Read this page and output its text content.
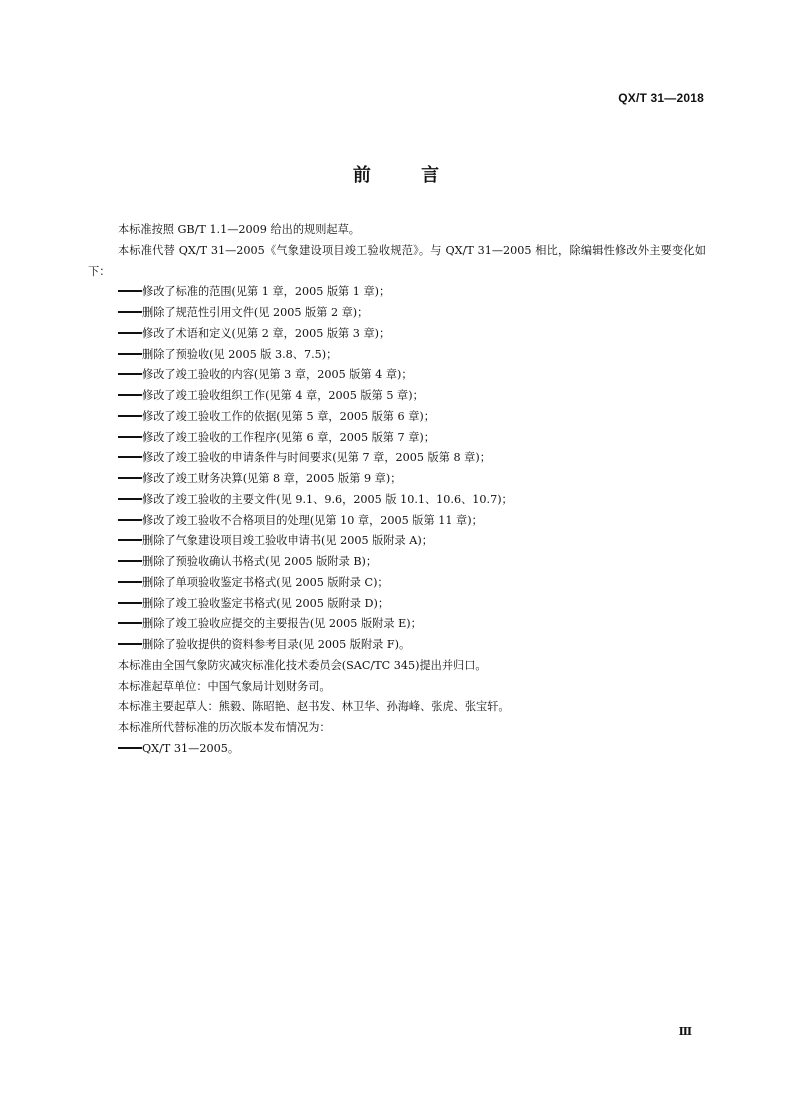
QX/T 31—2018
前	言

本标准按照 GB/T 1.1—2009 给出的规则起草。

本标准代替 QX/T 31—2005《气象建设项目竣工验收规范》。与 QX/T 31—2005 相比，除编辑性修改外主要变化如下：

修改了标准的范围(见第 1 章，2005 版第 1 章)；
删除了规范性引用文件(见 2005 版第 2 章)；
修改了术语和定义(见第 2 章，2005 版第 3 章)；
删除了预验收(见 2005 版 3.8、7.5)；
修改了竣工验收的内容(见第 3 章，2005 版第 4 章)；
修改了竣工验收组织工作(见第 4 章，2005 版第 5 章)；
修改了竣工验收工作的依据(见第 5 章，2005 版第 6 章)；
修改了竣工验收的工作程序(见第 6 章，2005 版第 7 章)；
修改了竣工验收的申请条件与时间要求(见第 7 章，2005 版第 8 章)；
修改了竣工财务决算(见第 8 章，2005 版第 9 章)；
修改了竣工验收的主要文件(见 9.1、9.6，2005 版 10.1、10.6、10.7)；
修改了竣工验收不合格项目的处理(见第 10 章，2005 版第 11 章)；
删除了气象建设项目竣工验收申请书(见 2005 版附录 A)；
删除了预验收确认书格式(见 2005 版附录 B)；
删除了单项验收鉴定书格式(见 2005 版附录 C)；
删除了竣工验收鉴定书格式(见 2005 版附录 D)；
删除了竣工验收应提交的主要报告(见 2005 版附录 E)；
删除了验收提供的资料参考目录(见 2005 版附录 F)。

本标准由全国气象防灾减灾标准化技术委员会(SAC/TC 345)提出并归口。

本标准起草单位：中国气象局计划财务司。

本标准主要起草人：熊毅、陈昭艳、赵书发、林卫华、孙海峰、张虎、张宝轩。

本标准所代替标准的历次版本发布情况为：

QX/T 31—2005。
Ⅲ
